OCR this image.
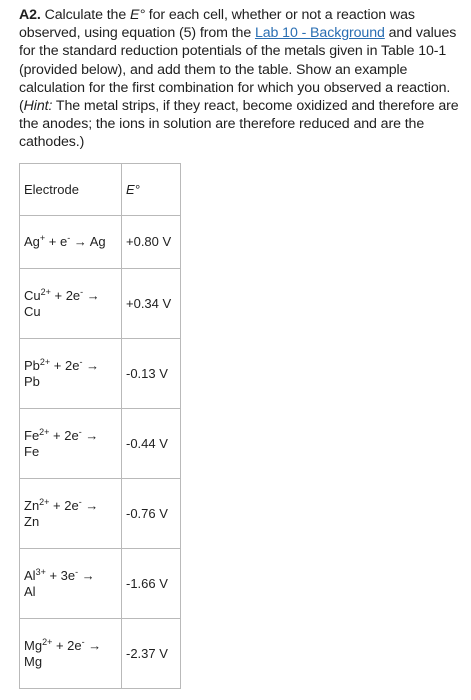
A2. Calculate the E° for each cell, whether or not a reaction was observed, using equation (5) from the Lab 10 - Background and values for the standard reduction potentials of the metals given in Table 10-1 (provided below), and add them to the table. Show an example calculation for the first combination for which you observed a reaction. (Hint: The metal strips, if they react, become oxidized and therefore are the anodes; the ions in solution are therefore reduced and are the cathodes.)
Electrode	E°
Ag+ + e- → Ag	+0.80 V
$Cu^{2+} + 2e^-$ →
Cu	+0.34 V
$Pb^{2+} + 2e^-$ →
Pb	-0.13 V
$Fe^{2+} + 2e^-$ →
Fe	-0.44 V
$Zn^{2+} + 2e^-$ →
Zn	-0.76 V
$Al^{3+} + 3e^-$ →
Al	-1.66 V
$Mg^{2+} + 2e^-$ →
Mg	-2.37 V
